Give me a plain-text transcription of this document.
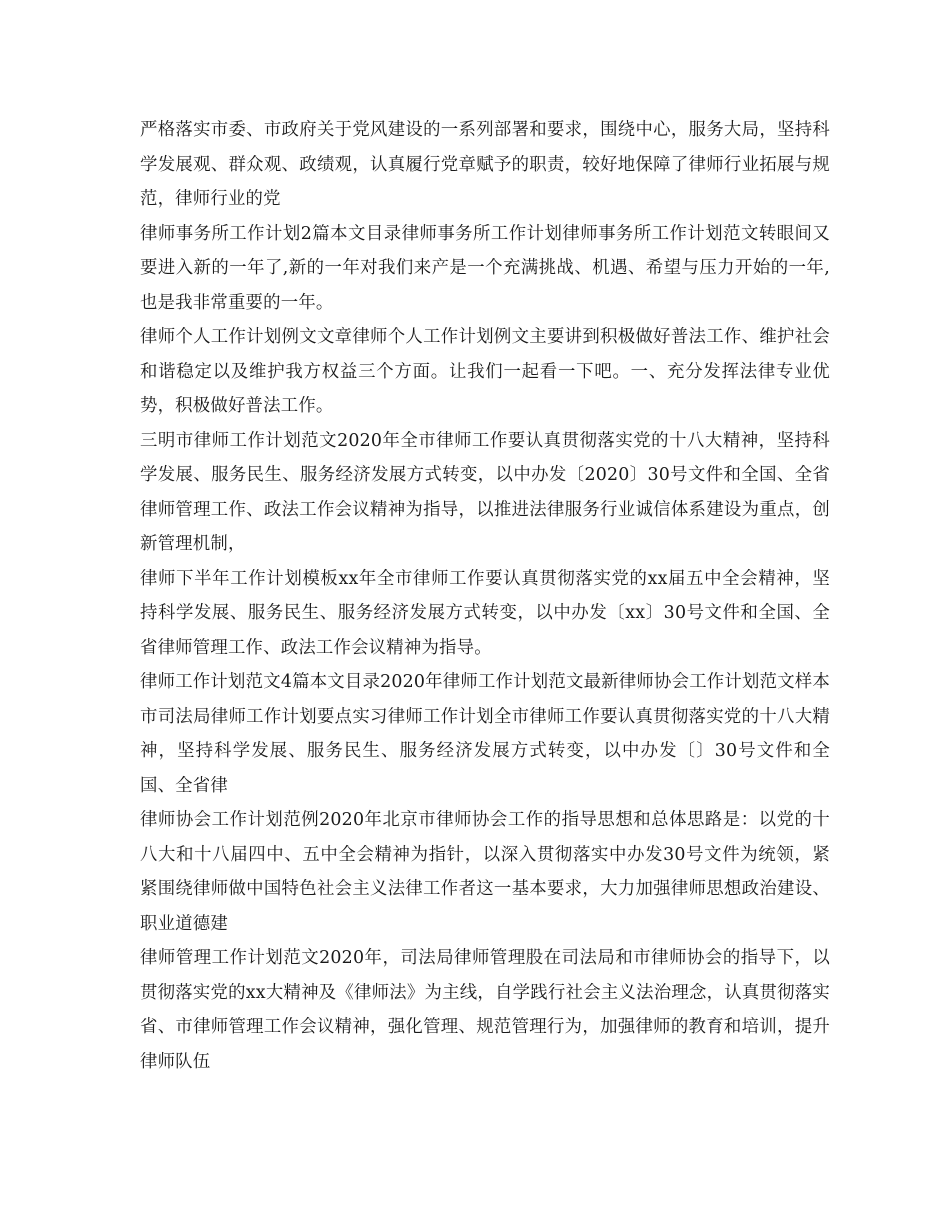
严格落实市委、市政府关于党风建设的一系列部署和要求，围绕中心，服务大局，坚持科学发展观、群众观、政绩观，认真履行党章赋予的职责，较好地保障了律师行业拓展与规范，律师行业的党

律师事务所工作计划2篇本文目录律师事务所工作计划律师事务所工作计划范文转眼间又要进入新的一年了,新的一年对我们来产是一个充满挑战、机遇、希望与压力开始的一年,也是我非常重要的一年。

律师个人工作计划例文文章律师个人工作计划例文主要讲到积极做好普法工作、维护社会和谐稳定以及维护我方权益三个方面。让我们一起看一下吧。一、充分发挥法律专业优势，积极做好普法工作。

三明市律师工作计划范文2020年全市律师工作要认真贯彻落实党的十八大精神，坚持科学发展、服务民生、服务经济发展方式转变，以中办发〔2020〕30号文件和全国、全省律师管理工作、政法工作会议精神为指导，以推进法律服务行业诚信体系建设为重点，创新管理机制，

律师下半年工作计划模板xx年全市律师工作要认真贯彻落实党的xx届五中全会精神，坚持科学发展、服务民生、服务经济发展方式转变，以中办发〔xx〕30号文件和全国、全省律师管理工作、政法工作会议精神为指导。

律师工作计划范文4篇本文目录2020年律师工作计划范文最新律师协会工作计划范文样本市司法局律师工作计划要点实习律师工作计划全市律师工作要认真贯彻落实党的十八大精神，坚持科学发展、服务民生、服务经济发展方式转变，以中办发〔〕30号文件和全国、全省律

律师协会工作计划范例2020年北京市律师协会工作的指导思想和总体思路是：以党的十八大和十八届四中、五中全会精神为指针，以深入贯彻落实中办发30号文件为统领，紧紧围绕律师做中国特色社会主义法律工作者这一基本要求，大力加强律师思想政治建设、职业道德建

律师管理工作计划范文2020年，司法局律师管理股在司法局和市律师协会的指导下，以贯彻落实党的xx大精神及《律师法》为主线，自学践行社会主义法治理念，认真贯彻落实省、市律师管理工作会议精神，强化管理、规范管理行为，加强律师的教育和培训，提升律师队伍
